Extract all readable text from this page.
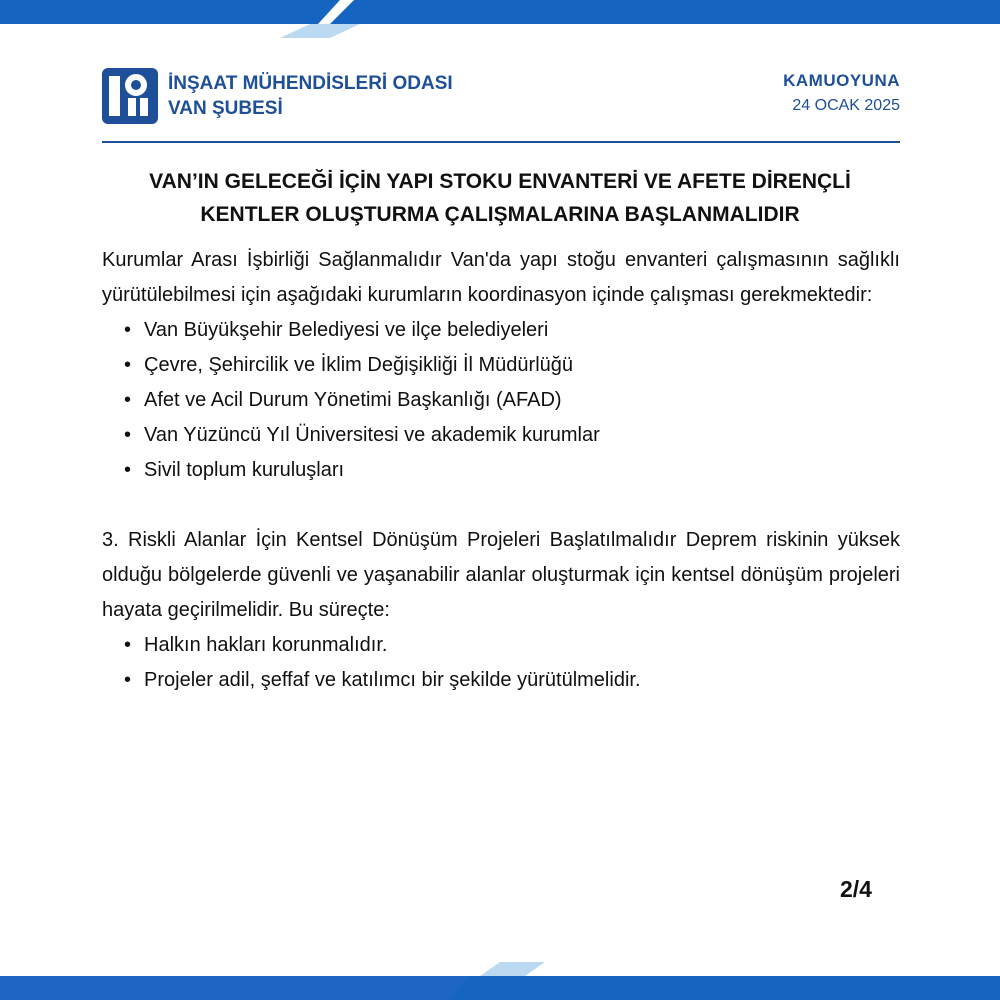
İNŞAAT MÜHENDİSLERİ ODASI
VAN ŞUBESİ
KAMUOYUNA
24 OCAK 2025
VAN’IN GELECEĞİ İÇİN YAPI STOKU ENVANTERİ VE AFETE DİRENÇLİ
KENTLER OLUŞTURMA ÇALIŞMALARINA BAŞLANMALIDIR

Kurumlar Arası İşbirliği Sağlanmalıdır Van'da yapı stoğu envanteri çalışmasının sağlıklı yürütülebilmesi için aşağıdaki kurumların koordinasyon içinde çalışması gerekmektedir:

• Van Büyükşehir Belediyesi ve ilçe belediyeleri
• Çevre, Şehircilik ve İklim Değişikliği İl Müdürlüğü
• Afet ve Acil Durum Yönetimi Başkanlığı (AFAD)
• Van Yüzüncü Yıl Üniversitesi ve akademik kurumlar
• Sivil toplum kuruluşları

3. Riskli Alanlar İçin Kentsel Dönüşüm Projeleri Başlatılmalıdır Deprem riskinin yüksek olduğu bölgelerde güvenli ve yaşanabilir alanlar oluşturmak için kentsel dönüşüm projeleri hayata geçirilmelidir. Bu süreçte:

• Halkın hakları korunmalıdır.
• Projeler adil, şeffaf ve katılımcı bir şekilde yürütülmelidir.
2/4
